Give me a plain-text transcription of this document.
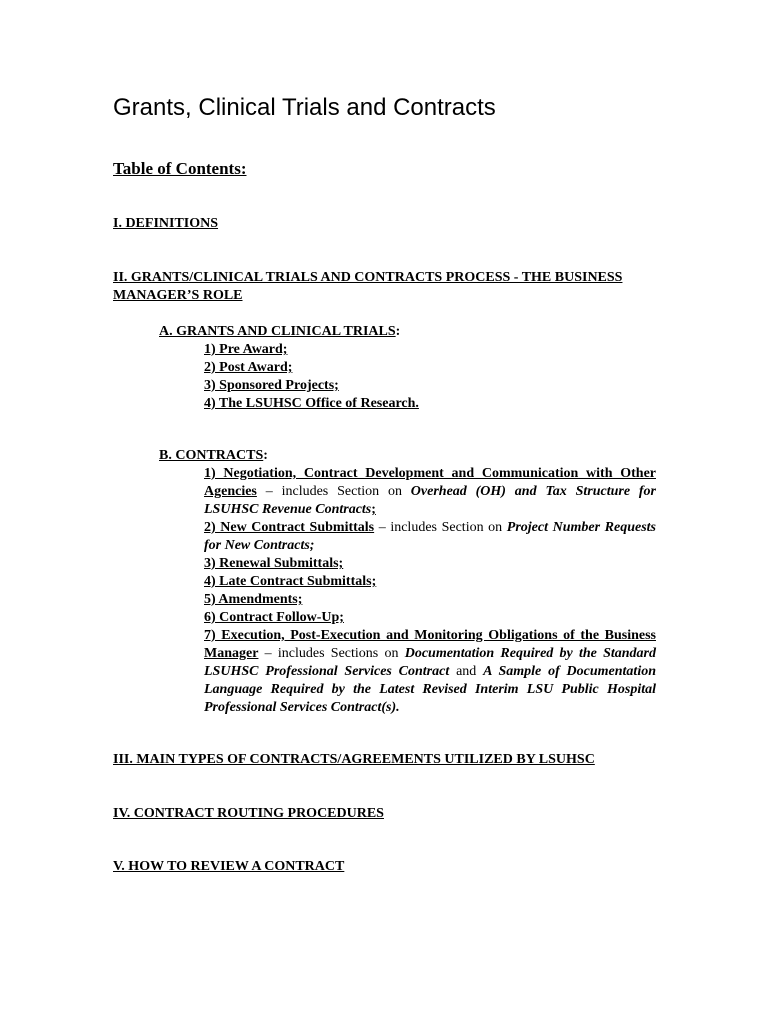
Grants, Clinical Trials and Contracts
Table of Contents:
I. DEFINITIONS
II. GRANTS/CLINICAL TRIALS AND CONTRACTS PROCESS - THE BUSINESS MANAGER’S ROLE
A. GRANTS AND CLINICAL TRIALS:
1) Pre Award;
2) Post Award;
3) Sponsored Projects;
4) The LSUHSC Office of Research.
B. CONTRACTS:
1) Negotiation, Contract Development and Communication with Other Agencies – includes Section on Overhead (OH) and Tax Structure for LSUHSC Revenue Contracts;
2) New Contract Submittals – includes Section on Project Number Requests for New Contracts;
3) Renewal Submittals;
4) Late Contract Submittals;
5) Amendments;
6) Contract Follow-Up;
7) Execution, Post-Execution and Monitoring Obligations of the Business Manager – includes Sections on Documentation Required by the Standard LSUHSC Professional Services Contract and A Sample of Documentation Language Required by the Latest Revised Interim LSU Public Hospital Professional Services Contract(s).
III. MAIN TYPES OF CONTRACTS/AGREEMENTS UTILIZED BY LSUHSC
IV. CONTRACT ROUTING PROCEDURES
V. HOW TO REVIEW A CONTRACT
